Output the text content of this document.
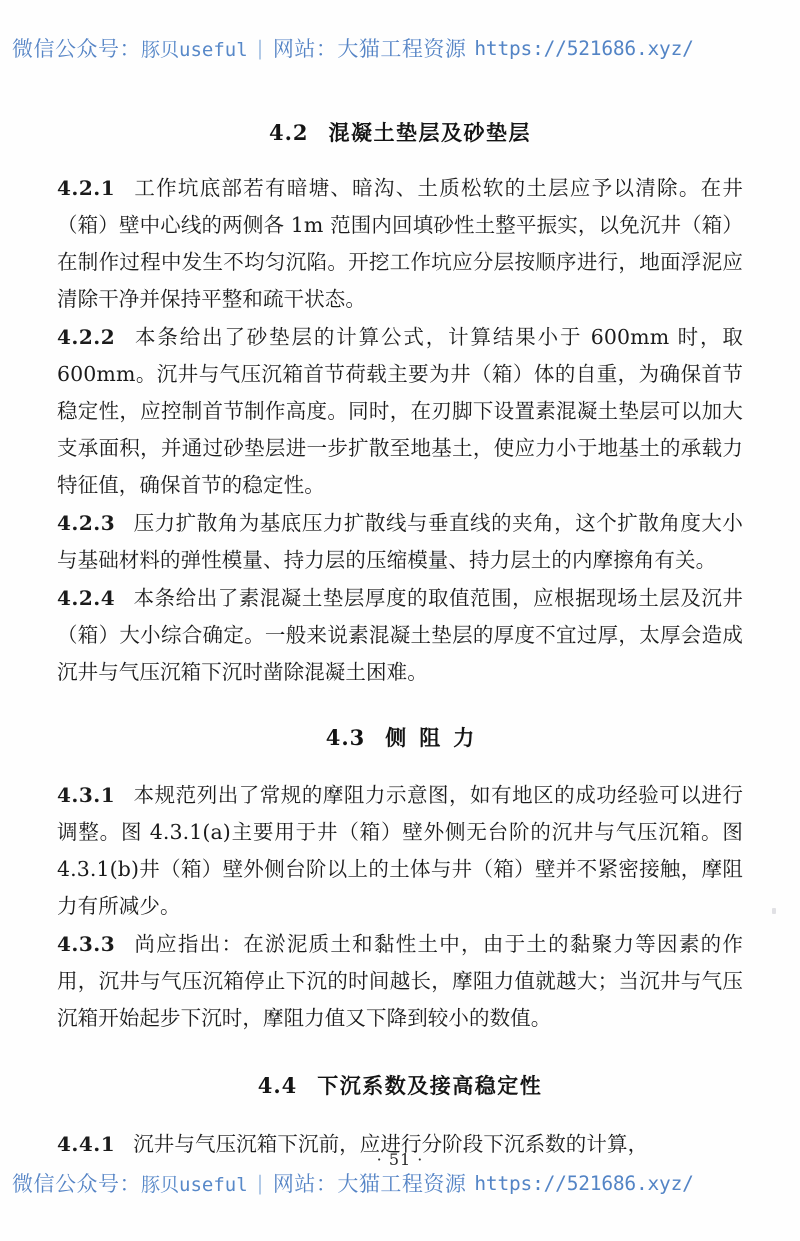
微信公众号： 豚贝useful | 网站： 大猫工程资源 https://521686.xyz/
4.2 混凝土垫层及砂垫层

4.2.1 工作坑底部若有暗塘、暗沟、土质松软的土层应予以清除。在井（箱）壁中心线的两侧各 1m 范围内回填砂性土整平振实，以免沉井（箱）在制作过程中发生不均匀沉陷。开挖工作坑应分层按顺序进行，地面浮泥应清除干净并保持平整和疏干状态。

4.2.2 本条给出了砂垫层的计算公式，计算结果小于 600mm 时，取 600mm。沉井与气压沉箱首节荷载主要为井（箱）体的自重，为确保首节稳定性，应控制首节制作高度。同时，在刃脚下设置素混凝土垫层可以加大支承面积，并通过砂垫层进一步扩散至地基土，使应力小于地基土的承载力特征值，确保首节的稳定性。

4.2.3 压力扩散角为基底压力扩散线与垂直线的夹角，这个扩散角度大小与基础材料的弹性模量、持力层的压缩模量、持力层土的内摩擦角有关。

4.2.4 本条给出了素混凝土垫层厚度的取值范围，应根据现场土层及沉井（箱）大小综合确定。一般来说素混凝土垫层的厚度不宜过厚，太厚会造成沉井与气压沉箱下沉时凿除混凝土困难。

4.3 侧阻力

4.3.1 本规范列出了常规的摩阻力示意图，如有地区的成功经验可以进行调整。图 4.3.1(a)主要用于井（箱）壁外侧无台阶的沉井与气压沉箱。图 4.3.1(b)井（箱）壁外侧台阶以上的土体与井（箱）壁并不紧密接触，摩阻力有所减少。

4.3.3 尚应指出：在淤泥质土和黏性土中，由于土的黏聚力等因素的作用，沉井与气压沉箱停止下沉的时间越长，摩阻力值就越大；当沉井与气压沉箱开始起步下沉时，摩阻力值又下降到较小的数值。

4.4 下沉系数及接高稳定性

4.4.1 沉井与气压沉箱下沉前，应进行分阶段下沉系数的计算，

· 51 ·
微信公众号： 豚贝useful | 网站： 大猫工程资源 https://521686.xyz/
